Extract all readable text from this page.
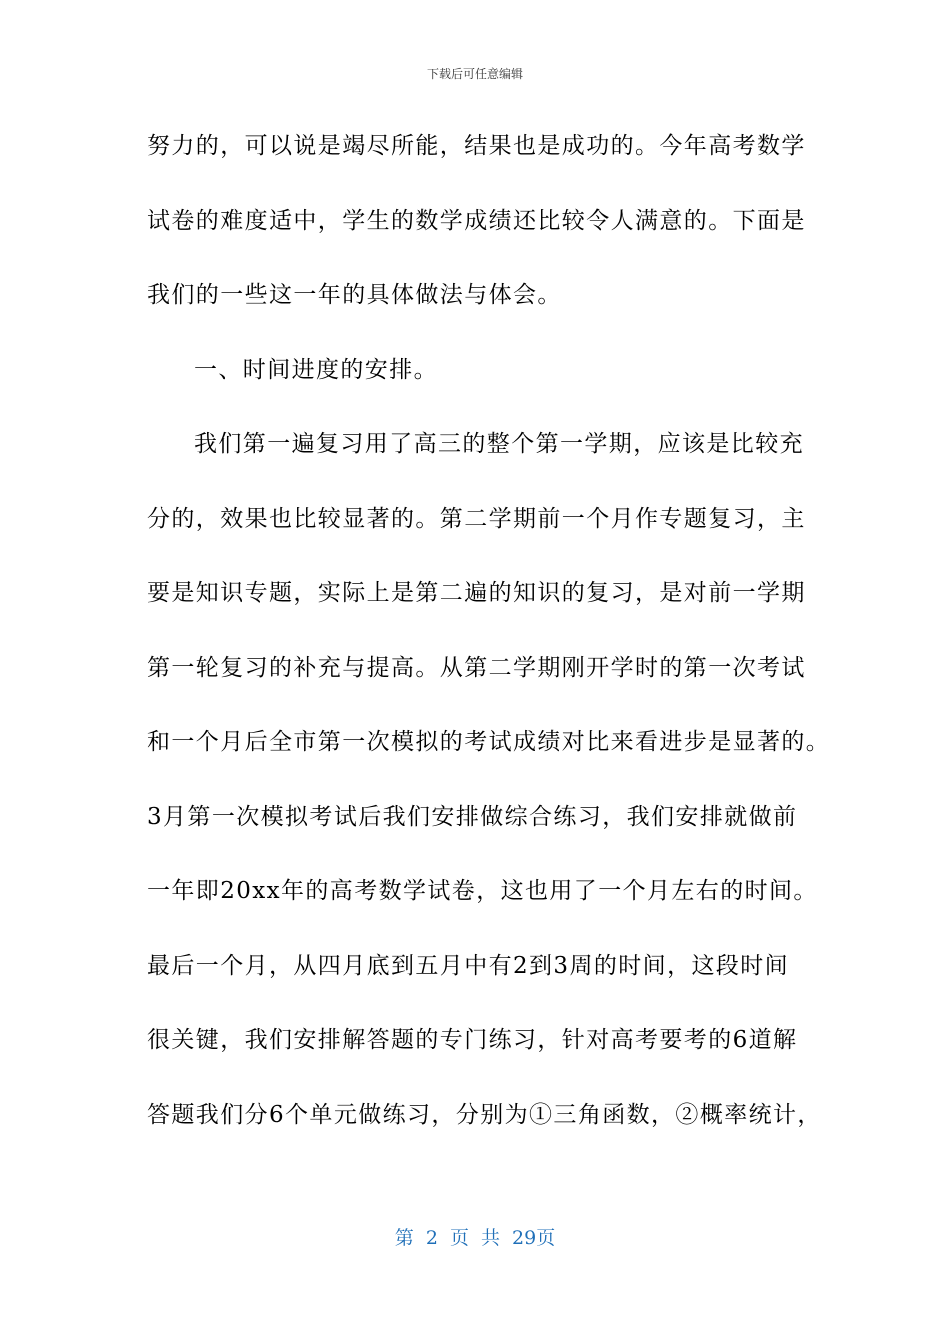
下载后可任意编辑
努力的，可以说是竭尽所能，结果也是成功的。今年高考数学
试卷的难度适中，学生的数学成绩还比较令人满意的。下面是
我们的一些这一年的具体做法与体会。
一、时间进度的安排。
我们第一遍复习用了高三的整个第一学期，应该是比较充
分的，效果也比较显著的。第二学期前一个月作专题复习，主
要是知识专题，实际上是第二遍的知识的复习，是对前一学期
第一轮复习的补充与提高。从第二学期刚开学时的第一次考试
和一个月后全市第一次模拟的考试成绩对比来看进步是显著的。
3月第一次模拟考试后我们安排做综合练习，我们安排就做前
一年即20xx年的高考数学试卷，这也用了一个月左右的时间。
最后一个月，从四月底到五月中有2到3周的时间，这段时间
很关键，我们安排解答题的专门练习，针对高考要考的6道解
答题我们分6个单元做练习，分别为①三角函数，②概率统计，
第 2 页 共 29页
